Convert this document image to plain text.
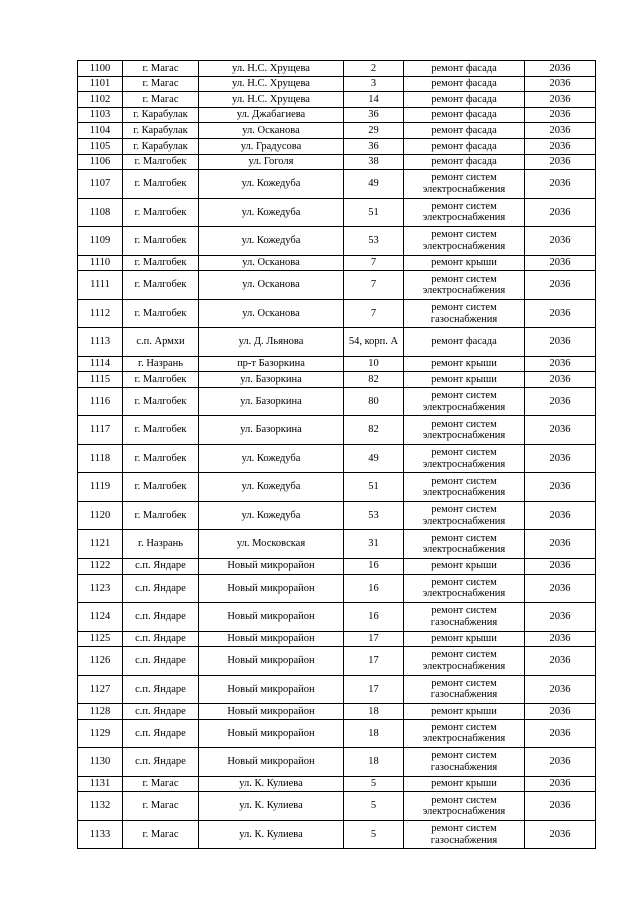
1100	г. Магас	ул. Н.С. Хрущева	2	ремонт фасада	2036
1101	г. Магас	ул. Н.С. Хрущева	3	ремонт фасада	2036
1102	г. Магас	ул. Н.С. Хрущева	14	ремонт фасада	2036
1103	г. Карабулак	ул. Джабагиева	36	ремонт фасада	2036
1104	г. Карабулак	ул. Осканова	29	ремонт фасада	2036
1105	г. Карабулак	ул. Градусова	36	ремонт фасада	2036
1106	г. Малгобек	ул. Гоголя	38	ремонт фасада	2036
1107	г. Малгобек	ул. Кожедуба	49	ремонт систем электроснабжения	2036
1108	г. Малгобек	ул. Кожедуба	51	ремонт систем электроснабжения	2036
1109	г. Малгобек	ул. Кожедуба	53	ремонт систем электроснабжения	2036
1110	г. Малгобек	ул. Осканова	7	ремонт крыши	2036
1111	г. Малгобек	ул. Осканова	7	ремонт систем электроснабжения	2036
1112	г. Малгобек	ул. Осканова	7	ремонт систем газоснабжения	2036
1113	с.п. Армхи	ул. Д. Льянова	54, корп. А	ремонт фасада	2036
1114	г. Назрань	пр-т Базоркина	10	ремонт крыши	2036
1115	г. Малгобек	ул. Базоркина	82	ремонт крыши	2036
1116	г. Малгобек	ул. Базоркина	80	ремонт систем электроснабжения	2036
1117	г. Малгобек	ул. Базоркина	82	ремонт систем электроснабжения	2036
1118	г. Малгобек	ул. Кожедуба	49	ремонт систем электроснабжения	2036
1119	г. Малгобек	ул. Кожедуба	51	ремонт систем электроснабжения	2036
1120	г. Малгобек	ул. Кожедуба	53	ремонт систем электроснабжения	2036
1121	г. Назрань	ул. Московская	31	ремонт систем электроснабжения	2036
1122	с.п. Яндаре	Новый микрорайон	16	ремонт крыши	2036
1123	с.п. Яндаре	Новый микрорайон	16	ремонт систем электроснабжения	2036
1124	с.п. Яндаре	Новый микрорайон	16	ремонт систем газоснабжения	2036
1125	с.п. Яндаре	Новый микрорайон	17	ремонт крыши	2036
1126	с.п. Яндаре	Новый микрорайон	17	ремонт систем электроснабжения	2036
1127	с.п. Яндаре	Новый микрорайон	17	ремонт систем газоснабжения	2036
1128	с.п. Яндаре	Новый микрорайон	18	ремонт крыши	2036
1129	с.п. Яндаре	Новый микрорайон	18	ремонт систем электроснабжения	2036
1130	с.п. Яндаре	Новый микрорайон	18	ремонт систем газоснабжения	2036
1131	г. Магас	ул. К. Кулиева	5	ремонт крыши	2036
1132	г. Магас	ул. К. Кулиева	5	ремонт систем электроснабжения	2036
1133	г. Магас	ул. К. Кулиева	5	ремонт систем газоснабжения	2036
